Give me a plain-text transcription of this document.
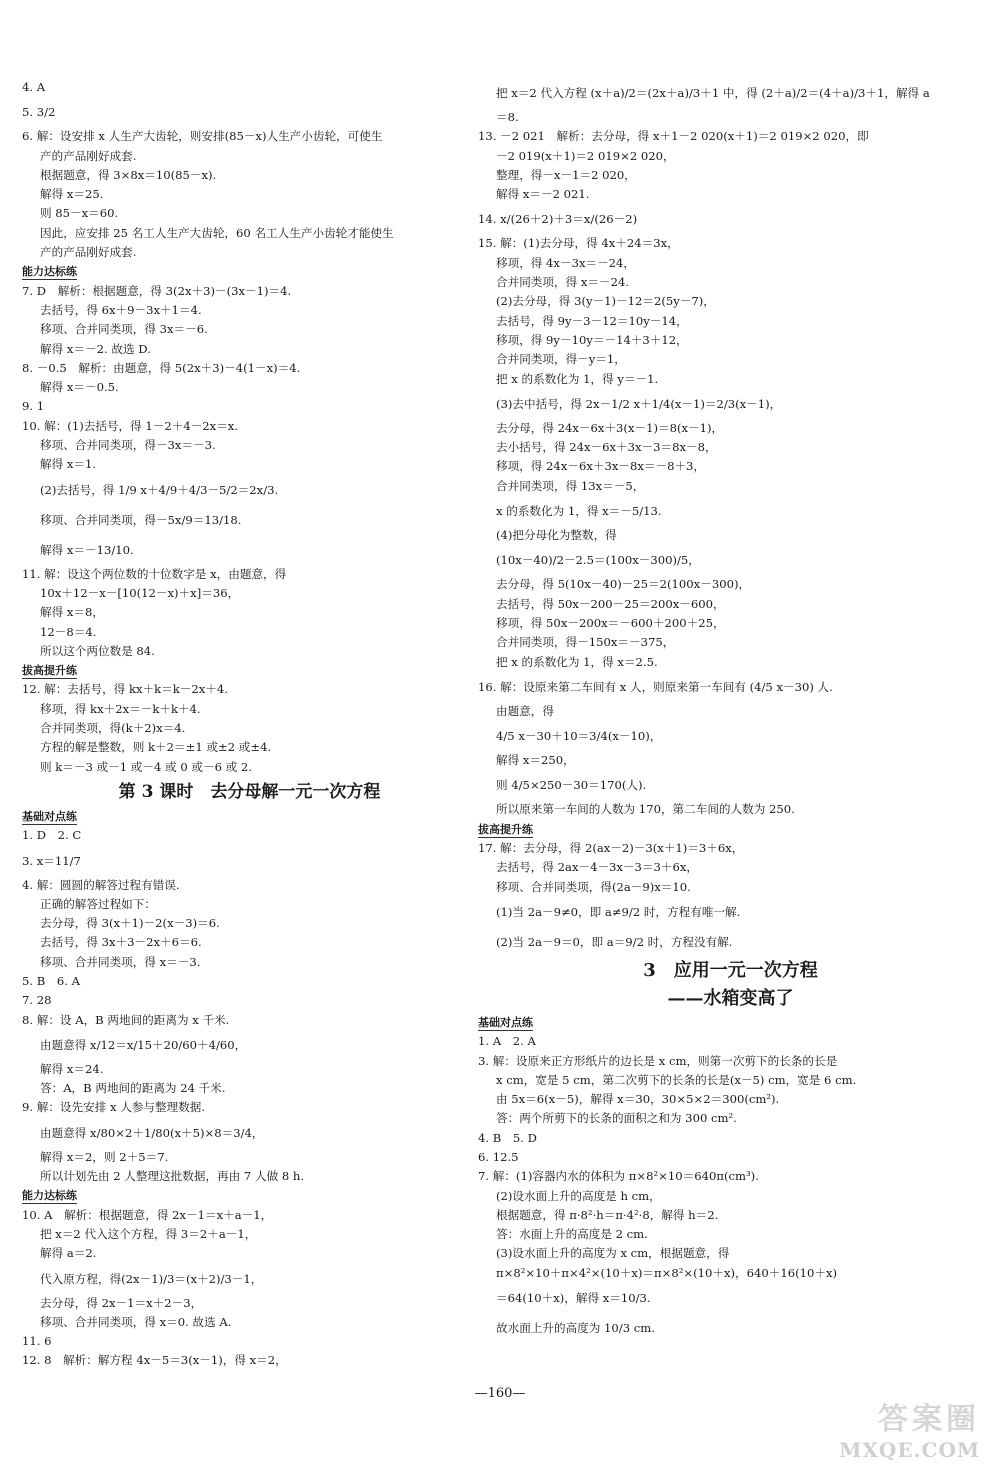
4. A
5. 3/2
6. 解：设安排 x 人生产大齿轮，则安排(85－x)人生产小齿轮，可使生
产的产品刚好成套.
根据题意，得 3×8x＝10(85－x).
解得 x＝25.
则 85－x＝60.
因此，应安排 25 名工人生产大齿轮，60 名工人生产小齿轮才能使生
产的产品刚好成套.
能力达标练
7. D　解析：根据题意，得 3(2x＋3)－(3x－1)＝4.
去括号，得 6x＋9－3x＋1＝4.
移项、合并同类项，得 3x＝－6.
解得 x＝－2. 故选 D.
8. －0.5　解析：由题意，得 5(2x＋3)－4(1－x)＝4.
解得 x＝－0.5.
9. 1
10. 解：(1)去括号，得 1－2＋4－2x＝x.
移项、合并同类项，得－3x＝－3.
解得 x＝1.
(2)去括号，得 1/9 x＋4/9＋4/3－5/2＝2x/3.
移项、合并同类项，得－5x/9＝13/18.
解得 x＝－13/10.
11. 解：设这个两位数的十位数字是 x，由题意，得
10x＋12－x－[10(12－x)＋x]＝36，
解得 x＝8，
12－8＝4.
所以这个两位数是 84.
拔高提升练
12. 解：去括号，得 kx＋k＝k－2x＋4.
移项，得 kx＋2x＝－k＋k＋4.
合并同类项，得(k＋2)x＝4.
方程的解是整数，则 k＋2＝±1 或±2 或±4.
则 k＝－3 或－1 或－4 或 0 或－6 或 2.
第 3 课时　去分母解一元一次方程
基础对点练
1. D　2. C
3. x＝11/7
4. 解：圆圆的解答过程有错误.
正确的解答过程如下：
去分母，得 3(x＋1)－2(x－3)＝6.
去括号，得 3x＋3－2x＋6＝6.
移项、合并同类项，得 x＝－3.
5. B　6. A
7. 28
8. 解：设 A，B 两地间的距离为 x 千米.
由题意得 x/12＝x/15＋20/60＋4/60，
解得 x＝24.
答：A，B 两地间的距离为 24 千米.
9. 解：设先安排 x 人参与整理数据.
由题意得 x/80×2＋1/80(x＋5)×8＝3/4，
解得 x＝2，则 2＋5＝7.
所以计划先由 2 人整理这批数据，再由 7 人做 8 h.
能力达标练
10. A　解析：根据题意，得 2x－1＝x＋a－1，
把 x＝2 代入这个方程，得 3＝2＋a－1，
解得 a＝2.
代入原方程，得(2x－1)/3＝(x＋2)/3－1，
去分母，得 2x－1＝x＋2－3，
移项、合并同类项，得 x＝0. 故选 A.
11. 6
12. 8　解析：解方程 4x－5＝3(x－1)，得 x＝2，
把 x＝2 代入方程 (x＋a)/2＝(2x＋a)/3＋1 中，得 (2＋a)/2＝(4＋a)/3＋1，解得 a
＝8.
13. －2 021　解析：去分母，得 x＋1－2 020(x＋1)＝2 019×2 020，即
－2 019(x＋1)＝2 019×2 020，
整理，得－x－1＝2 020，
解得 x＝－2 021.
14. x/(26＋2)＋3＝x/(26－2)
15. 解：(1)去分母，得 4x＋24＝3x，
移项，得 4x－3x＝－24，
合并同类项，得 x＝－24.
(2)去分母，得 3(y－1)－12＝2(5y－7)，
去括号，得 9y－3－12＝10y－14，
移项，得 9y－10y＝－14＋3＋12，
合并同类项，得－y＝1，
把 x 的系数化为 1，得 y＝－1.
(3)去中括号，得 2x－1/2 x＋1/4(x－1)＝2/3(x－1)，
去分母，得 24x－6x＋3(x－1)＝8(x－1)，
去小括号，得 24x－6x＋3x－3＝8x－8，
移项，得 24x－6x＋3x－8x＝－8＋3，
合并同类项，得 13x＝－5，
x 的系数化为 1，得 x＝－5/13.
(4)把分母化为整数，得
(10x－40)/2－2.5＝(100x－300)/5，
去分母，得 5(10x－40)－25＝2(100x－300)，
去括号，得 50x－200－25＝200x－600，
移项，得 50x－200x＝－600＋200＋25，
合并同类项，得－150x＝－375，
把 x 的系数化为 1，得 x＝2.5.
16. 解：设原来第二车间有 x 人，则原来第一车间有 (4/5 x－30) 人.
由题意，得
4/5 x－30＋10＝3/4(x－10)，
解得 x＝250，
则 4/5×250－30＝170(人).
所以原来第一车间的人数为 170，第二车间的人数为 250.
拔高提升练
17. 解：去分母，得 2(ax－2)－3(x＋1)＝3＋6x，
去括号，得 2ax－4－3x－3＝3＋6x，
移项、合并同类项，得(2a－9)x＝10.
(1)当 2a－9≠0，即 a≠9/2 时，方程有唯一解.
(2)当 2a－9＝0，即 a＝9/2 时，方程没有解.
3　应用一元一次方程
——水箱变高了
基础对点练
1. A　2. A
3. 解：设原来正方形纸片的边长是 x cm，则第一次剪下的长条的长是
x cm，宽是 5 cm，第二次剪下的长条的长是(x－5) cm，宽是 6 cm.
由 5x＝6(x－5)，解得 x＝30，30×5×2＝300(cm²).
答：两个所剪下的长条的面积之和为 300 cm².
4. B　5. D
6. 12.5
7. 解：(1)容器内水的体积为 π×8²×10＝640π(cm³).
(2)设水面上升的高度是 h cm，
根据题意，得 π·8²·h＝π·4²·8，解得 h＝2.
答：水面上升的高度是 2 cm.
(3)设水面上升的高度为 x cm，根据题意，得
π×8²×10＋π×4²×(10＋x)＝π×8²×(10＋x)，640＋16(10＋x)
＝64(10＋x)，解得 x＝10/3.
故水面上升的高度为 10/3 cm.
—160—
答案圈
MXQE.COM
